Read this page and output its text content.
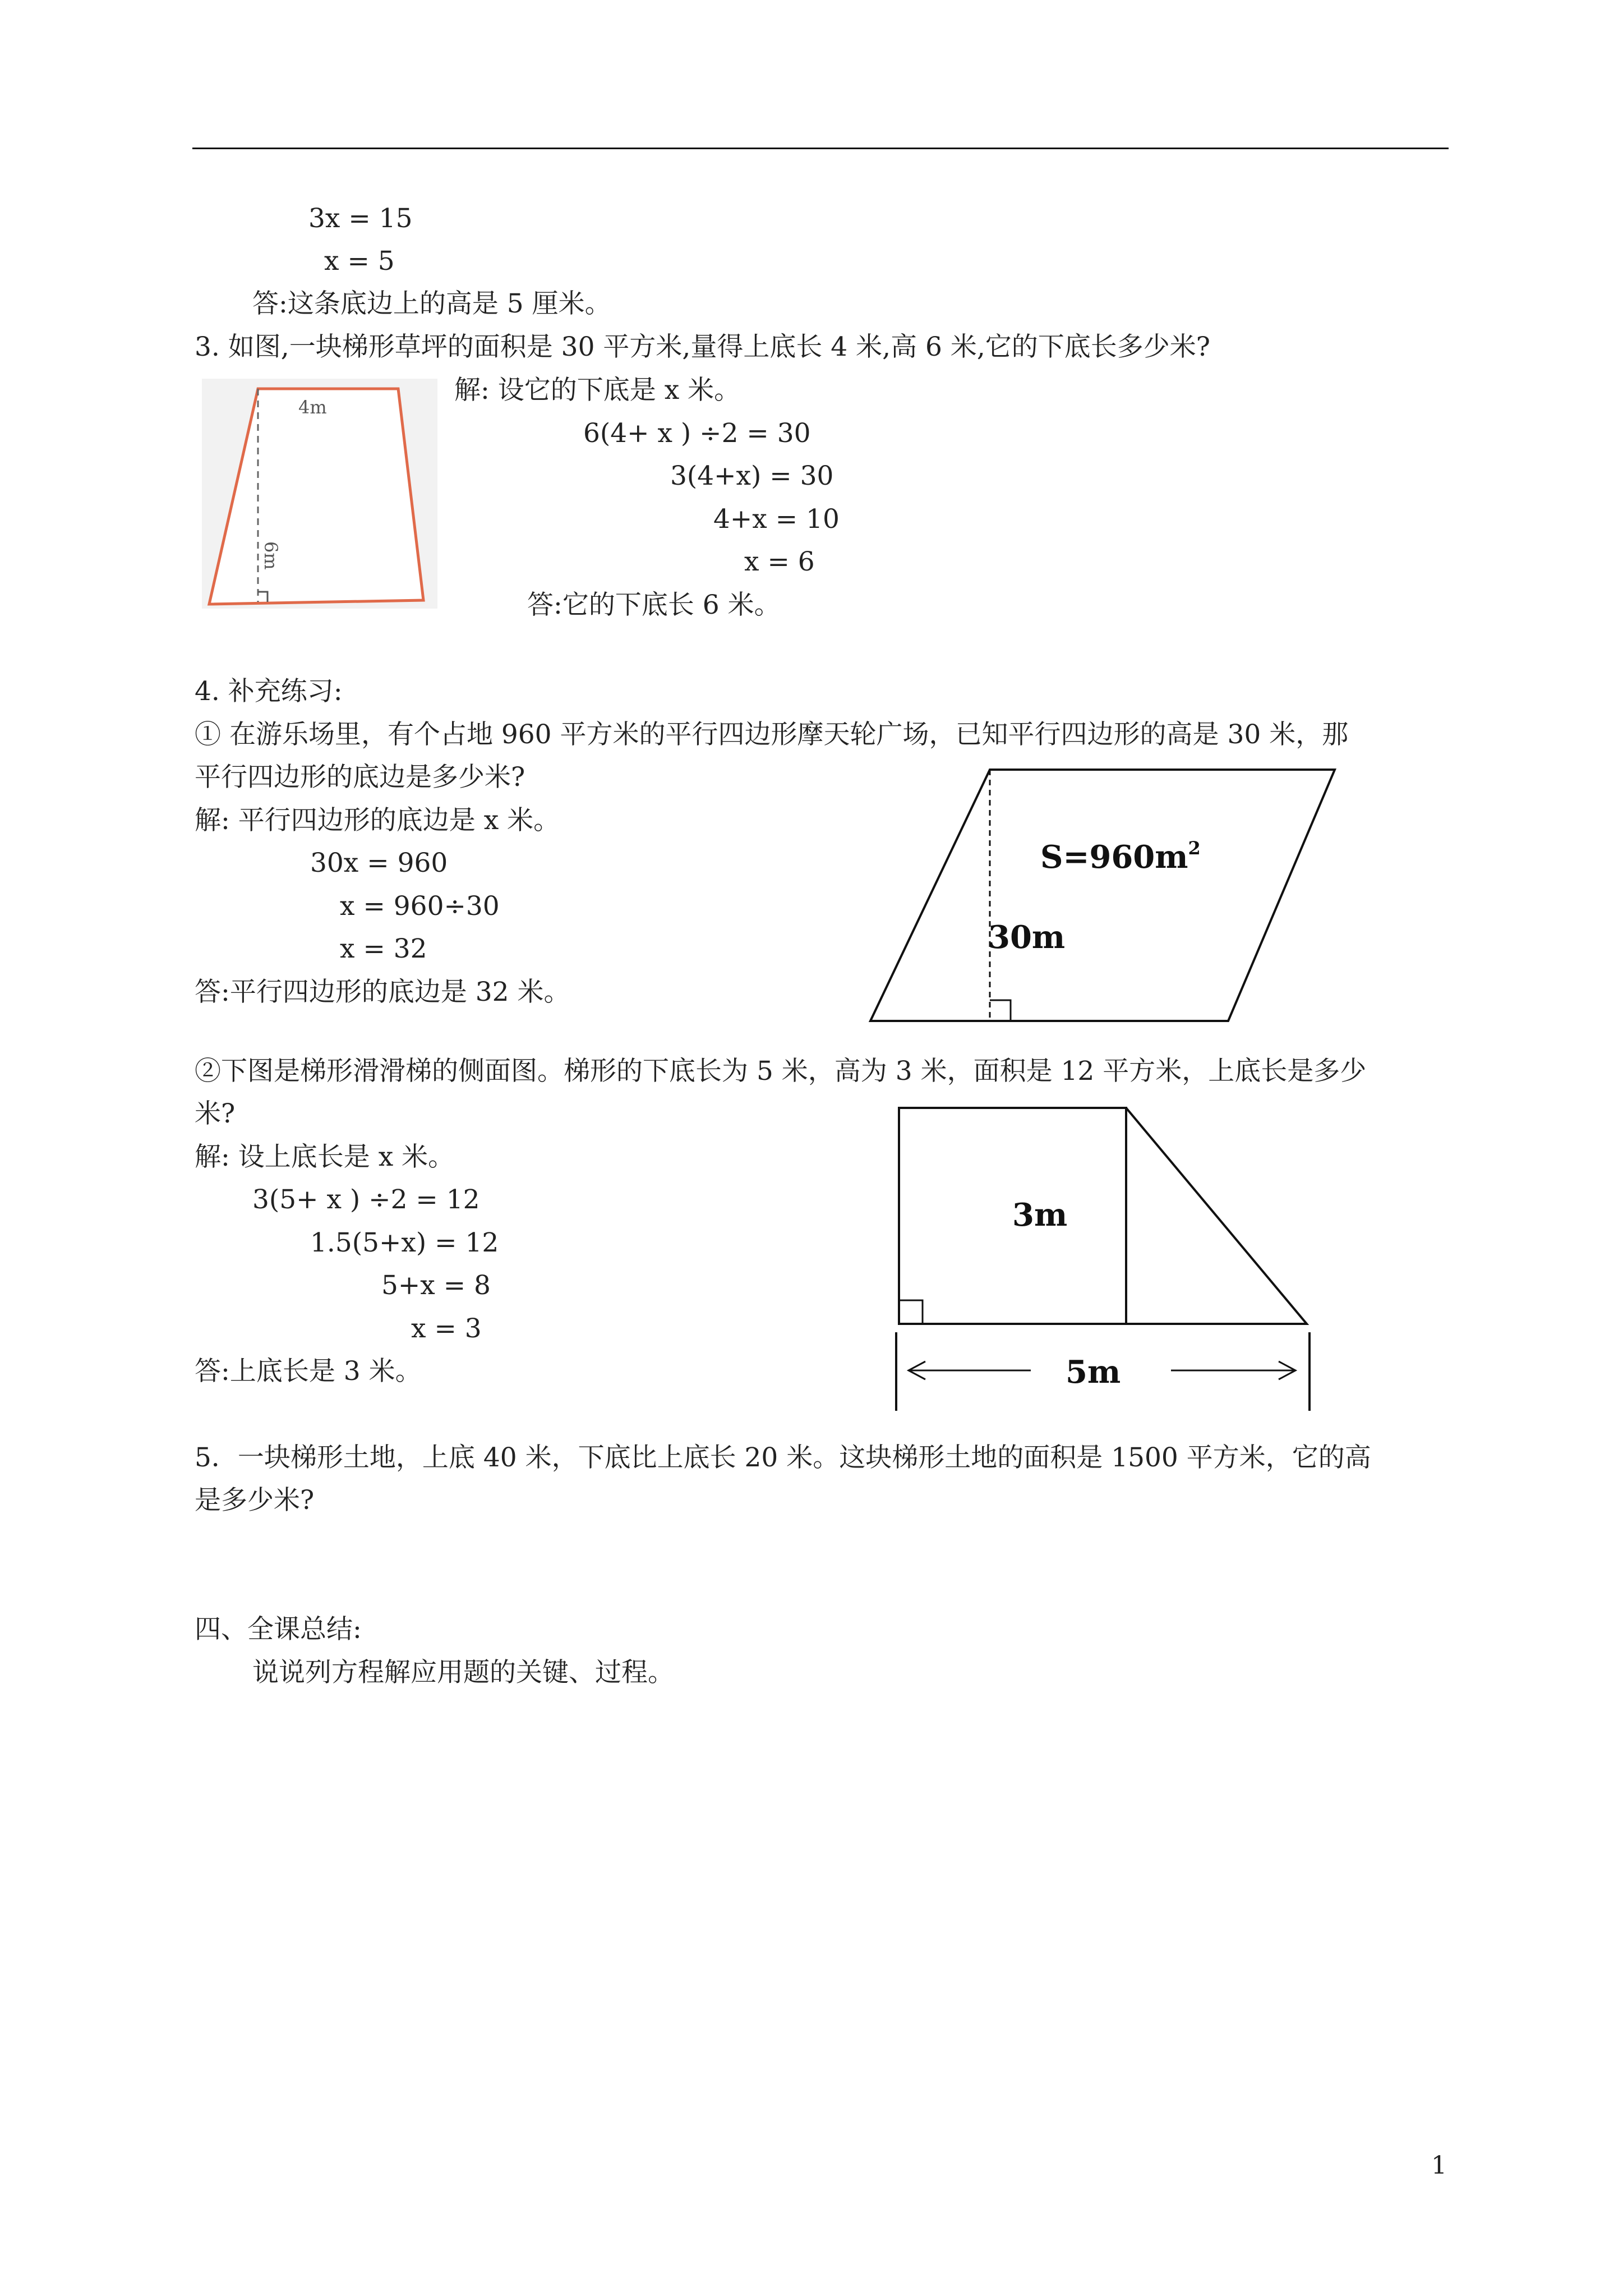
3x = 15
x = 5
答:这条底边上的高是 5 厘米。
3. 如图,一块梯形草坪的面积是 30 平方米,量得上底长 4 米,高 6 米,它的下底长多少米?
4m
6m
解: 设它的下底是 x 米。
6(4+ x ) ÷2 = 30
3(4+x) = 30
4+x = 10
x = 6
答:它的下底长 6 米。
4. 补充练习:
① 在游乐场里，有个占地 960 平方米的平行四边形摩天轮广场，已知平行四边形的高是 30 米，那
平行四边形的底边是多少米?
解: 平行四边形的底边是 x 米。
30x = 960
x = 960÷30
x = 32
答:平行四边形的底边是 32 米。
$S=960m^2$
30m
②下图是梯形滑滑梯的侧面图。梯形的下底长为 5 米，高为 3 米，面积是 12 平方米，上底长是多少
米?
解: 设上底长是 x 米。
3(5+ x ) ÷2 = 12
1.5(5+x) = 12
5+x = 8
x = 3
答:上底长是 3 米。
3m
5m
5．一块梯形土地，上底 40 米，下底比上底长 20 米。这块梯形土地的面积是 1500 平方米，它的高
是多少米?
四、全课总结:
说说列方程解应用题的关键、过程。
1
